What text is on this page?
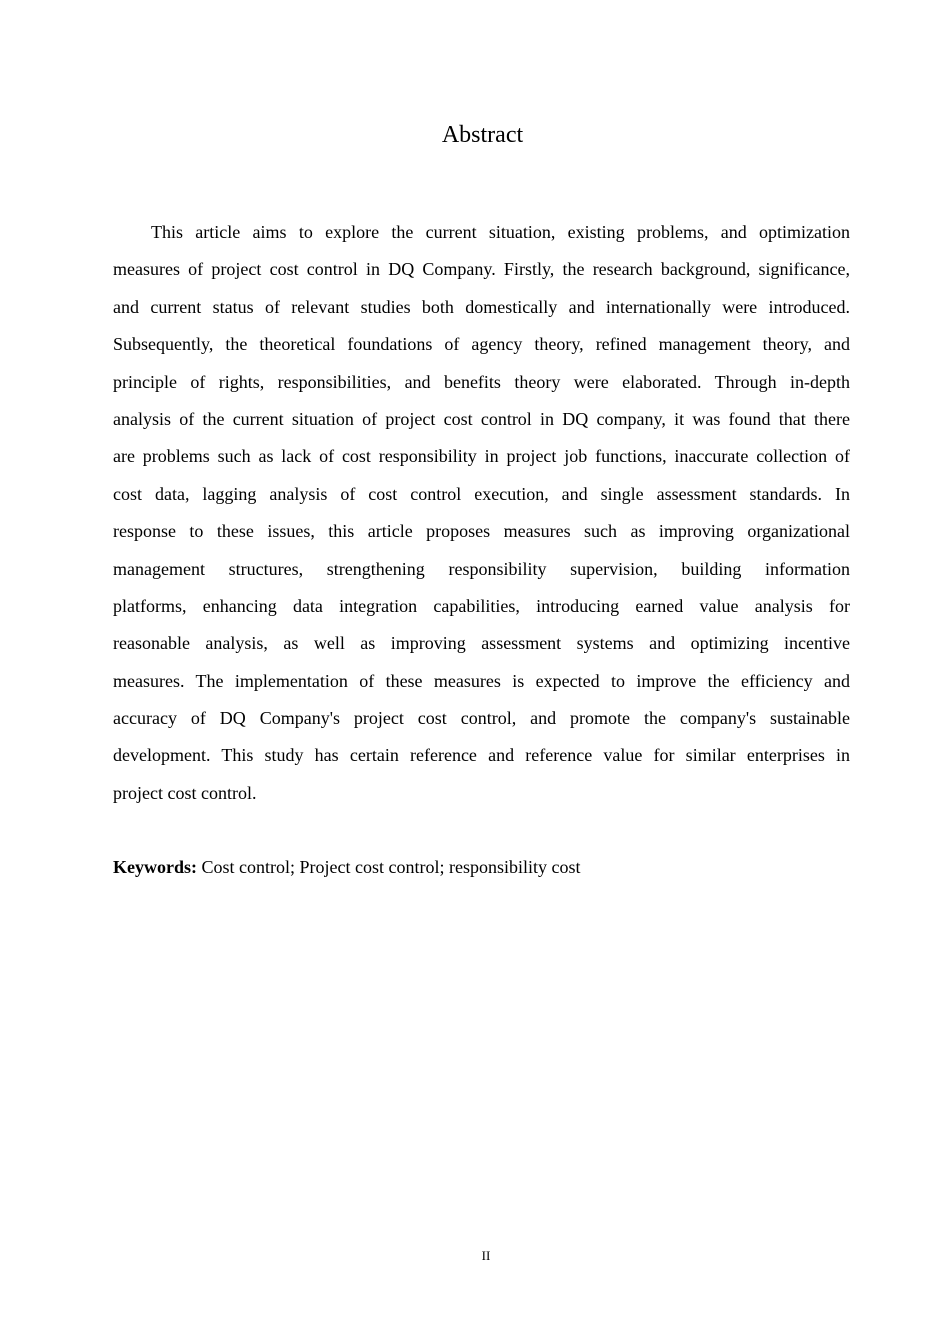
Abstract
This article aims to explore the current situation, existing problems, and optimization
measures of project cost control in DQ Company. Firstly, the research background, significance,
and current status of relevant studies both domestically and internationally were introduced.
Subsequently, the theoretical foundations of agency theory, refined management theory, and
principle of rights, responsibilities, and benefits theory were elaborated. Through in-depth
analysis of the current situation of project cost control in DQ company, it was found that there
are problems such as lack of cost responsibility in project job functions, inaccurate collection of
cost data, lagging analysis of cost control execution, and single assessment standards. In
response to these issues, this article proposes measures such as improving organizational
management structures, strengthening responsibility supervision, building information
platforms, enhancing data integration capabilities, introducing earned value analysis for
reasonable analysis, as well as improving assessment systems and optimizing incentive
measures. The implementation of these measures is expected to improve the efficiency and
accuracy of DQ Company's project cost control, and promote the company's sustainable
development. This study has certain reference and reference value for similar enterprises in
project cost control.
Keywords: Cost control; Project cost control; responsibility cost
II
